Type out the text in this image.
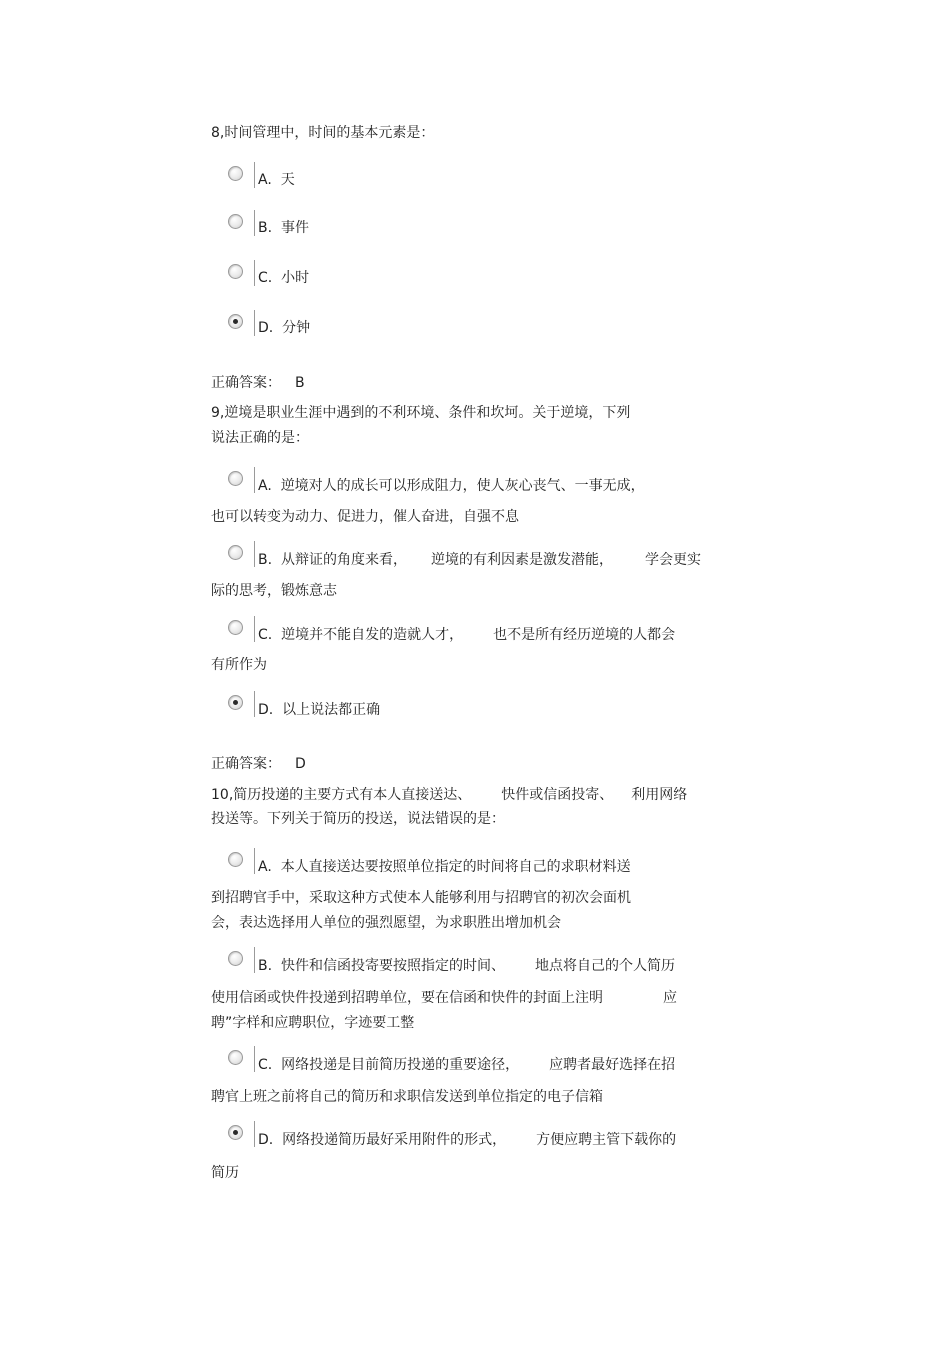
8,时间管理中，时间的基本元素是：
A. 天
B. 事件
C. 小时
D. 分钟
正确答案： B
9,逆境是职业生涯中遇到的不利环境、条件和坎坷。关于逆境，下列
说法正确的是：
A. 逆境对人的成长可以形成阻力，使人灰心丧气、一事无成，
也可以转变为动力、促进力，催人奋进，自强不息
B. 从辩证的角度来看， 逆境的有利因素是激发潜能， 学会更实
际的思考，锻炼意志
C. 逆境并不能自发的造就人才， 也不是所有经历逆境的人都会
有所作为
D. 以上说法都正确
正确答案： D
10,简历投递的主要方式有本人直接送达、 快件或信函投寄、 利用网络
投送等。下列关于简历的投送，说法错误的是：
A. 本人直接送达要按照单位指定的时间将自己的求职材料送
到招聘官手中，采取这种方式使本人能够利用与招聘官的初次会面机
会，表达选择用人单位的强烈愿望，为求职胜出增加机会
B. 快件和信函投寄要按照指定的时间、 地点将自己的个人简历
使用信函或快件投递到招聘单位，要在信函和快件的封面上注明	应
聘”字样和应聘职位，字迹要工整
C. 网络投递是目前简历投递的重要途径， 应聘者最好选择在招
聘官上班之前将自己的简历和求职信发送到单位指定的电子信箱
D. 网络投递简历最好采用附件的形式， 方便应聘主管下载你的
简历
